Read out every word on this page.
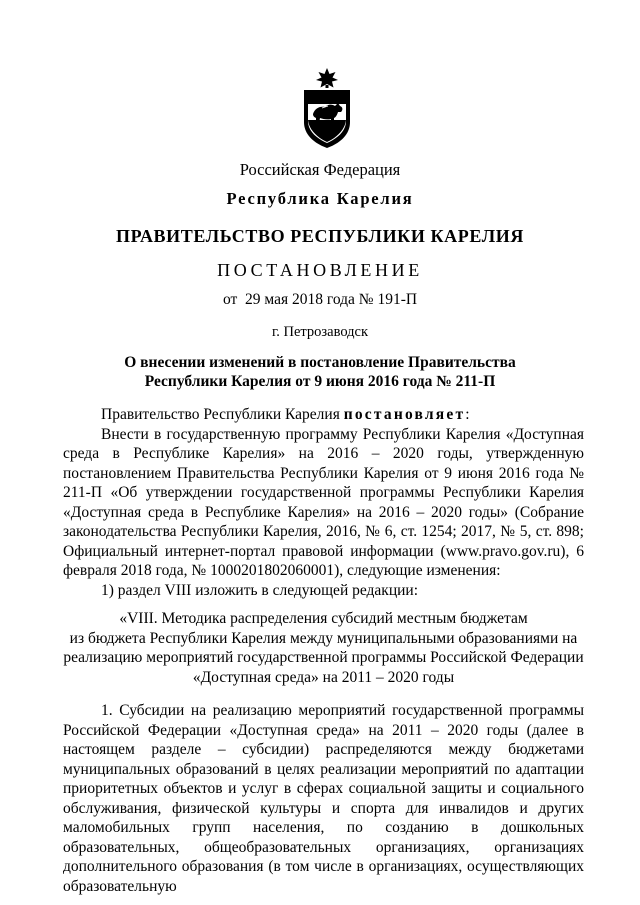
Российская Федерация
Республика Карелия
ПРАВИТЕЛЬСТВО РЕСПУБЛИКИ КАРЕЛИЯ
ПОСТАНОВЛЕНИЕ
от  29 мая 2018 года № 191-П
г. Петрозаводск
О внесении изменений в постановление Правительства
Республики Карелия от 9 июня 2016 года № 211-П

Правительство Республики Карелия постановляет:

Внести в государственную программу Республики Карелия «Доступная среда в Республике Карелия» на 2016 – 2020 годы, утвержденную постановлением Правительства Республики Карелия от 9 июня 2016 года № 211-П «Об утверждении государственной программы Республики Карелия «Доступная среда в Республике Карелия» на 2016 – 2020 годы» (Собрание законодательства Республики Карелия, 2016, № 6, ст. 1254; 2017, № 5, ст. 898; Официальный интернет-портал правовой информации (www.pravo.gov.ru), 6 февраля 2018 года, № 1000201802060001), следующие изменения:

1) раздел VIII изложить в следующей редакции:

«VIII. Методика распределения субсидий местным бюджетам
из бюджета Республики Карелия между муниципальными образованиями на
реализацию мероприятий государственной программы Российской Федерации
«Доступная среда» на 2011 – 2020 годы

1. Субсидии на реализацию мероприятий государственной программы Российской Федерации «Доступная среда» на 2011 – 2020 годы (далее в настоящем разделе – субсидии) распределяются между бюджетами муниципальных образований в целях реализации мероприятий по адаптации приоритетных объектов и услуг в сферах социальной защиты и социального обслуживания, физической культуры и спорта для инвалидов и других маломобильных групп населения, по созданию в дошкольных образовательных, общеобразовательных организациях, организациях дополнительного образования (в том числе в организациях, осуществляющих образовательную
